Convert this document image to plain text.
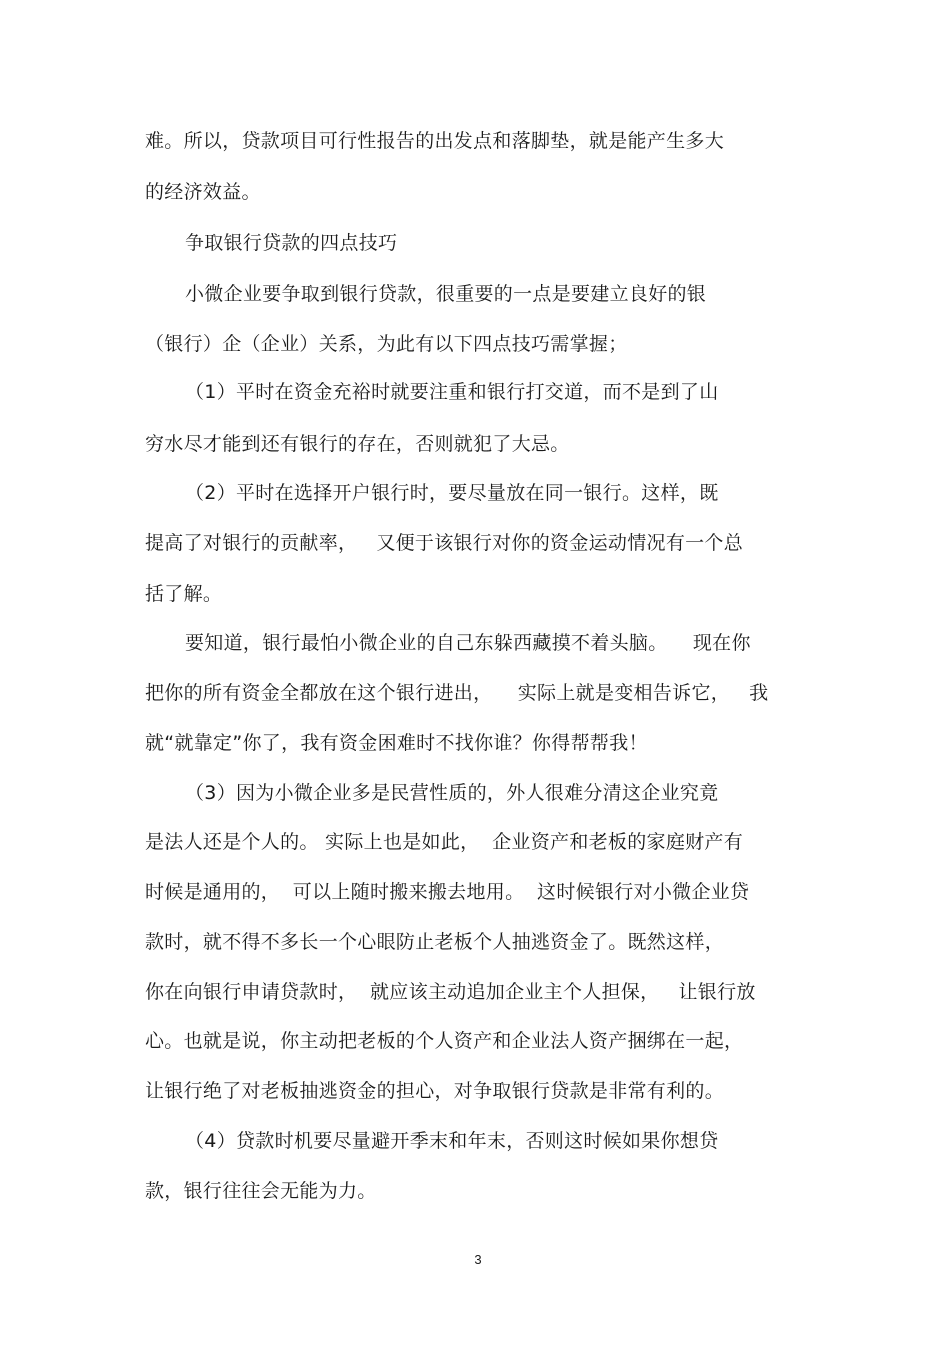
难。所以，贷款项目可行性报告的出发点和落脚垫，就是能产生多大
的经济效益。
争取银行贷款的四点技巧
小微企业要争取到银行贷款，很重要的一点是要建立良好的银
（银行）企（企业）关系，为此有以下四点技巧需掌握；
（1）平时在资金充裕时就要注重和银行打交道，而不是到了山
穷水尽才能到还有银行的存在，否则就犯了大忌。
（2）平时在选择开户银行时，要尽量放在同一银行。这样，既
提高了对银行的贡献率，   又便于该银行对你的资金运动情况有一个总
括了解。
要知道，银行最怕小微企业的自己东躲西藏摸不着头脑。    现在你
把你的所有资金全都放在这个银行进出，    实际上就是变相告诉它，   我
就“就靠定”你了，我有资金困难时不找你谁？你得帮帮我！
（3）因为小微企业多是民营性质的，外人很难分清这企业究竟
是法人还是个人的。 实际上也是如此，  企业资产和老板的家庭财产有
时候是通用的，  可以上随时搬来搬去地用。  这时候银行对小微企业贷
款时，就不得不多长一个心眼防止老板个人抽逃资金了。既然这样，
你在向银行申请贷款时，  就应该主动追加企业主个人担保，   让银行放
心。也就是说，你主动把老板的个人资产和企业法人资产捆绑在一起，
让银行绝了对老板抽逃资金的担心，对争取银行贷款是非常有利的。
（4）贷款时机要尽量避开季末和年末，否则这时候如果你想贷
款，银行往往会无能为力。
3
